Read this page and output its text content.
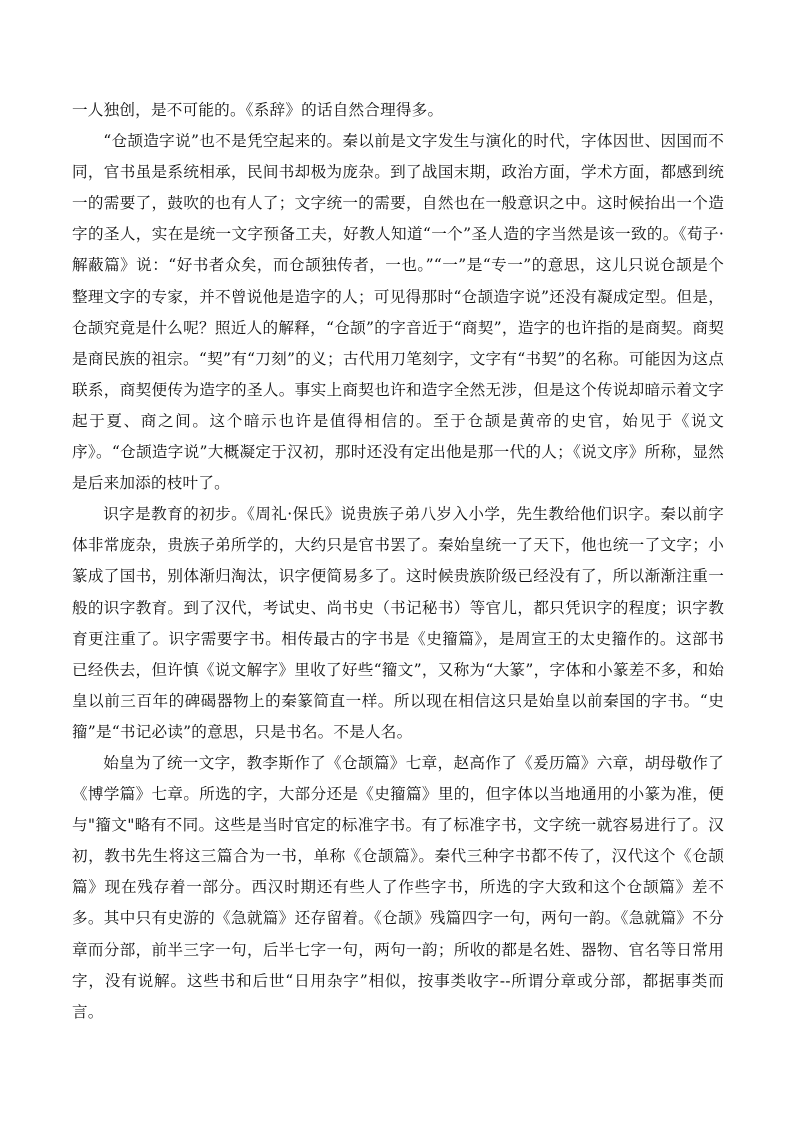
一人独创，是不可能的。《系辞》的话自然合理得多。

“仓颉造字说”也不是凭空起来的。秦以前是文字发生与演化的时代，字体因世、因国而不同，官书虽是系统相承，民间书却极为庞杂。到了战国末期，政治方面，学术方面，都感到统一的需要了，鼓吹的也有人了；文字统一的需要，自然也在一般意识之中。这时候抬出一个造字的圣人，实在是统一文字预备工夫，好教人知道“一个”圣人造的字当然是该一致的。《荀子·解蔽篇》说：“好书者众矣，而仓颉独传者，一也。”“一”是“专一”的意思，这儿只说仓颉是个整理文字的专家，并不曾说他是造字的人；可见得那时“仓颉造字说”还没有凝成定型。但是，仓颉究竟是什么呢？照近人的解释，“仓颉”的字音近于“商契”，造字的也许指的是商契。商契是商民族的祖宗。“契”有“刀刻”的义；古代用刀笔刻字，文字有“书契”的名称。可能因为这点联系，商契便传为造字的圣人。事实上商契也许和造字全然无涉，但是这个传说却暗示着文字起于夏、商之间。这个暗示也许是值得相信的。至于仓颉是黄帝的史官，始见于《说文序》。“仓颉造字说”大概凝定于汉初，那时还没有定出他是那一代的人；《说文序》所称，显然是后来加添的枝叶了。

识字是教育的初步。《周礼·保氏》说贵族子弟八岁入小学，先生教给他们识字。秦以前字体非常庞杂，贵族子弟所学的，大约只是官书罢了。秦始皇统一了天下，他也统一了文字；小篆成了国书，别体渐归淘汰，识字便简易多了。这时候贵族阶级已经没有了，所以渐渐注重一般的识字教育。到了汉代，考试史、尚书史（书记秘书）等官儿，都只凭识字的程度；识字教育更注重了。识字需要字书。相传最古的字书是《史籀篇》，是周宣王的太史籀作的。这部书已经佚去，但许慎《说文解字》里收了好些“籀文”，又称为“大篆”，字体和小篆差不多，和始皇以前三百年的碑碣器物上的秦篆简直一样。所以现在相信这只是始皇以前秦国的字书。“史籀”是“书记必读”的意思，只是书名。不是人名。

始皇为了统一文字，教李斯作了《仓颉篇》七章，赵高作了《爰历篇》六章，胡母敬作了《博学篇》七章。所选的字，大部分还是《史籀篇》里的，但字体以当地通用的小篆为准，便与"籀文"略有不同。这些是当时官定的标准字书。有了标准字书，文字统一就容易进行了。汉初，教书先生将这三篇合为一书，单称《仓颉篇》。秦代三种字书都不传了，汉代这个《仓颉篇》现在残存着一部分。西汉时期还有些人了作些字书，所选的字大致和这个仓颉篇》差不多。其中只有史游的《急就篇》还存留着。《仓颉》残篇四字一句，两句一韵。《急就篇》不分章而分部，前半三字一句，后半七字一句，两句一韵；所收的都是名姓、器物、官名等日常用字，没有说解。这些书和后世“日用杂字”相似，按事类收字--所谓分章或分部，都据事类而言。
